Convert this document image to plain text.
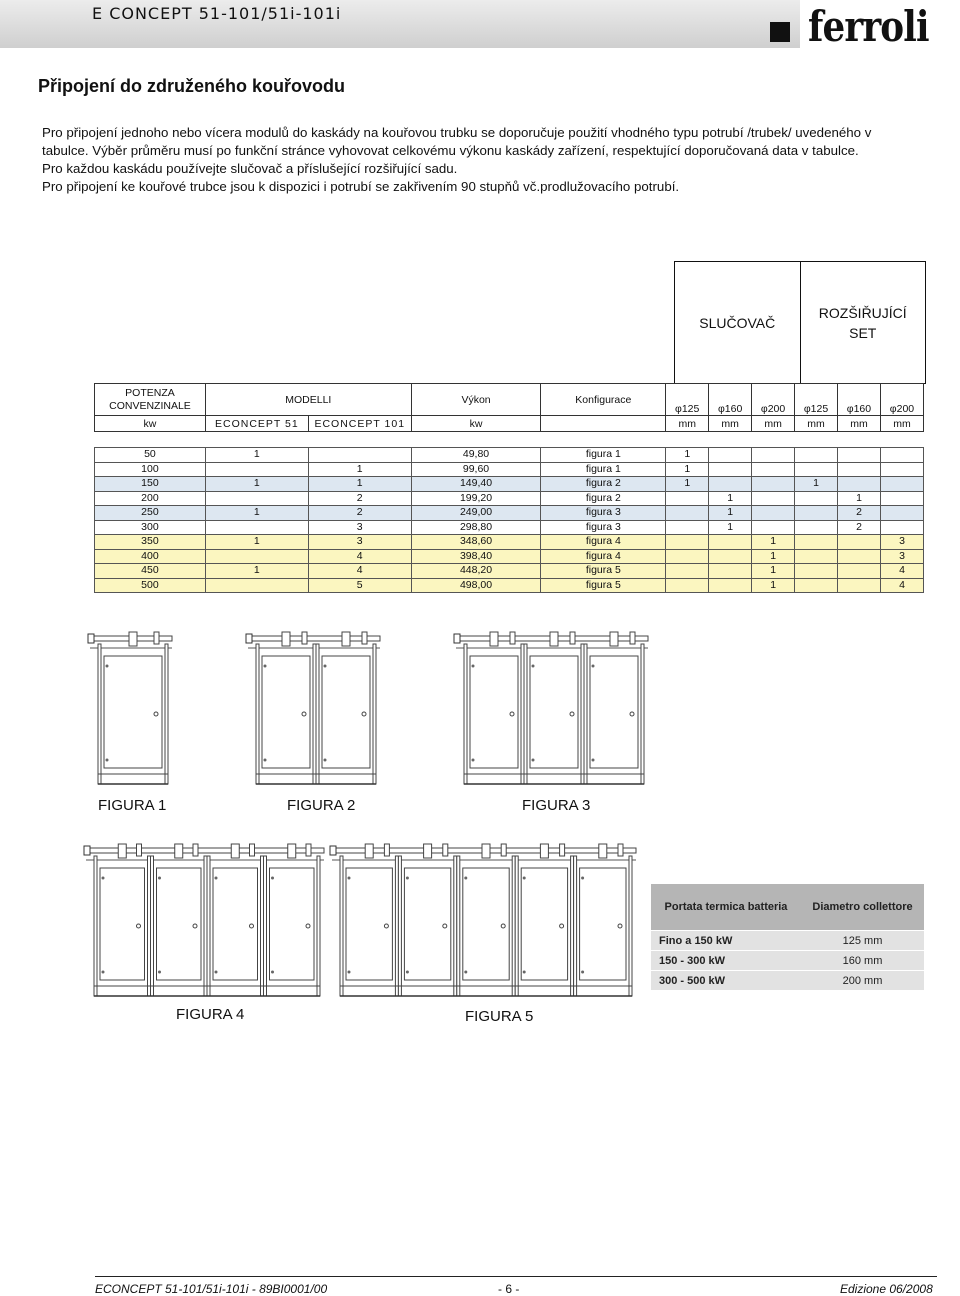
E CONCEPT 51-101/51i-101i	ferroli
Připojení do združeného kouřovodu
Pro připojení jednoho nebo vícera modulů do kaskády na kouřovou trubku se doporučuje použití vhodného typu potrubí /trubek/ uvedeného v
tabulce. Výběr průměru musí po funkční stránce vyhovovat celkovému výkonu kaskády zařízení, respektující doporučovaná data v tabulce.
Pro každou kaskádu používejte slučovač a příslušející rozšiřující sadu.
Pro připojení ke kouřové trubce jsou k dispozici i potrubí se zakřivením 90 stupňů vč.prodlužovacího potrubí.
SLUČOVAČ
ROZŠIŘUJÍCÍ
SET
POTENZA
CONVENZINALE	MODELLI		Výkon	Konfigurace	φ125	φ160	φ200	φ125	φ160	φ200
kw	ECONCEPT 51	ECONCEPT 101	kw		mm	mm	mm	mm	mm	mm
50	1		49,80	figura 1	1					
100		1	99,60	figura 1	1					
150	1	1	149,40	figura 2	1			1		
200		2	199,20	figura 2		1			1	
250	1	2	249,00	figura 3		1			2	
300		3	298,80	figura 3		1			2	
350	1	3	348,60	figura 4			1			3
400		4	398,40	figura 4			1			3
450	1	4	448,20	figura 5			1			4
500		5	498,00	figura 5			1			4
FIGURA 1	FIGURA 2	FIGURA 3
FIGURA 4	FIGURA 5
Portata termica batteria	Diametro collettore
Fino a 150 kW	125 mm
150 - 300 kW	160 mm
300 - 500 kW	200 mm
ECONCEPT 51-101/51i-101i - 89BI0001/00	- 6 -	Edizione 06/2008
